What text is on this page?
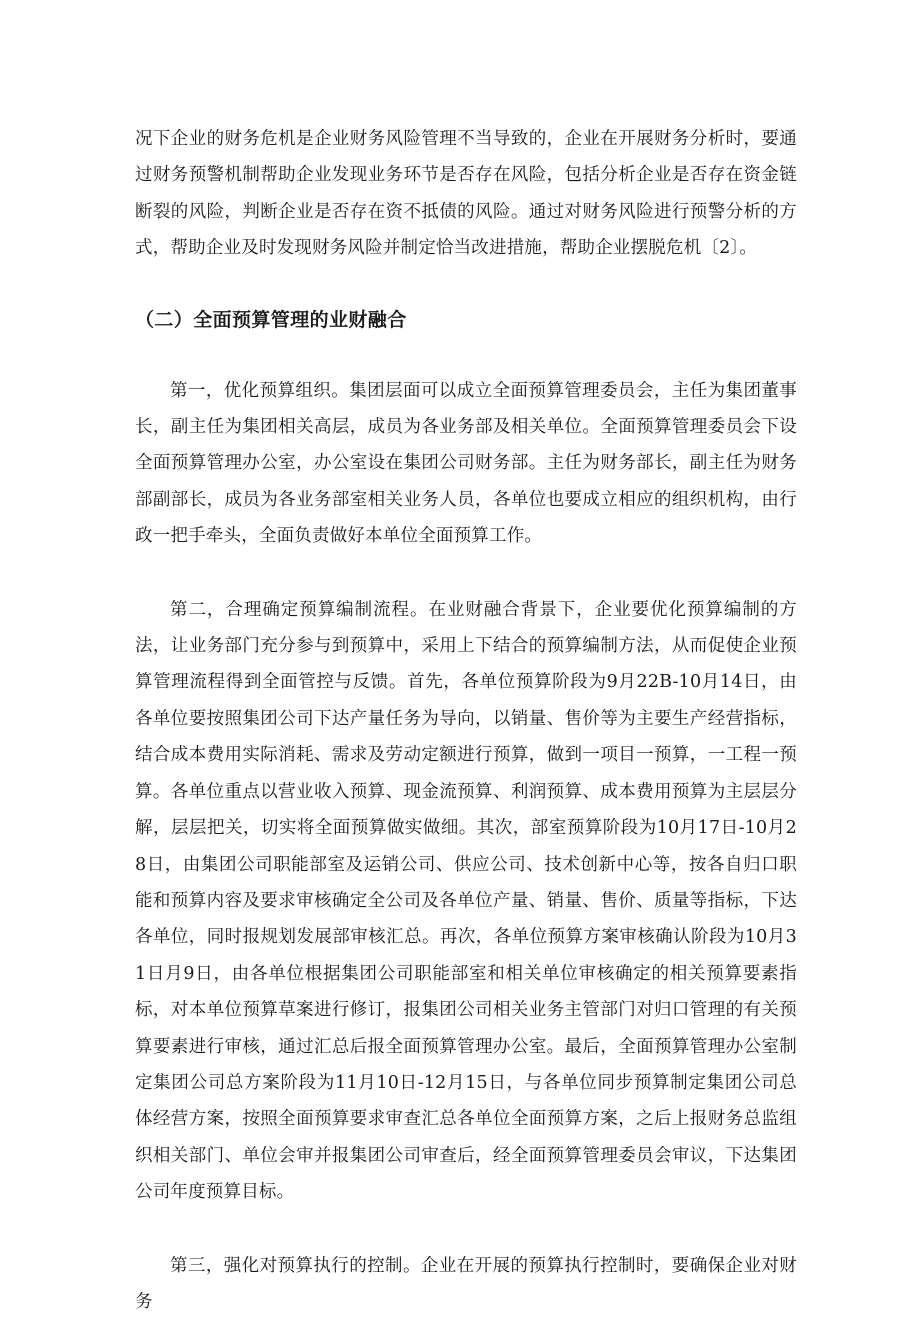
况下企业的财务危机是企业财务风险管理不当导致的，企业在开展财务分析时，要通过财务预警机制帮助企业发现业务环节是否存在风险，包括分析企业是否存在资金链断裂的风险，判断企业是否存在资不抵债的风险。通过对财务风险进行预警分析的方式，帮助企业及时发现财务风险并制定恰当改进措施，帮助企业摆脱危机〔2〕。

（二）全面预算管理的业财融合

第一，优化预算组织。集团层面可以成立全面预算管理委员会，主任为集团董事长，副主任为集团相关高层，成员为各业务部及相关单位。全面预算管理委员会下设全面预算管理办公室，办公室设在集团公司财务部。主任为财务部长，副主任为财务部副部长，成员为各业务部室相关业务人员，各单位也要成立相应的组织机构，由行政一把手牵头，全面负责做好本单位全面预算工作。

第二，合理确定预算编制流程。在业财融合背景下，企业要优化预算编制的方法，让业务部门充分参与到预算中，采用上下结合的预算编制方法，从而促使企业预算管理流程得到全面管控与反馈。首先，各单位预算阶段为9月22B-10月14日，由各单位要按照集团公司下达产量任务为导向，以销量、售价等为主要生产经营指标，结合成本费用实际消耗、需求及劳动定额进行预算，做到一项目一预算，一工程一预算。各单位重点以营业收入预算、现金流预算、利润预算、成本费用预算为主层层分解，层层把关，切实将全面预算做实做细。其次，部室预算阶段为10月17日-10月28日，由集团公司职能部室及运销公司、供应公司、技术创新中心等，按各自归口职能和预算内容及要求审核确定全公司及各单位产量、销量、售价、质量等指标，下达各单位，同时报规划发展部审核汇总。再次，各单位预算方案审核确认阶段为10月31日月9日，由各单位根据集团公司职能部室和相关单位审核确定的相关预算要素指标，对本单位预算草案进行修订，报集团公司相关业务主管部门对归口管理的有关预算要素进行审核，通过汇总后报全面预算管理办公室。最后，全面预算管理办公室制定集团公司总方案阶段为11月10日-12月15日，与各单位同步预算制定集团公司总体经营方案，按照全面预算要求审查汇总各单位全面预算方案，之后上报财务总监组织相关部门、单位会审并报集团公司审查后，经全面预算管理委员会审议，下达集团公司年度预算目标。

第三，强化对预算执行的控制。企业在开展的预算执行控制时，要确保企业对财务
